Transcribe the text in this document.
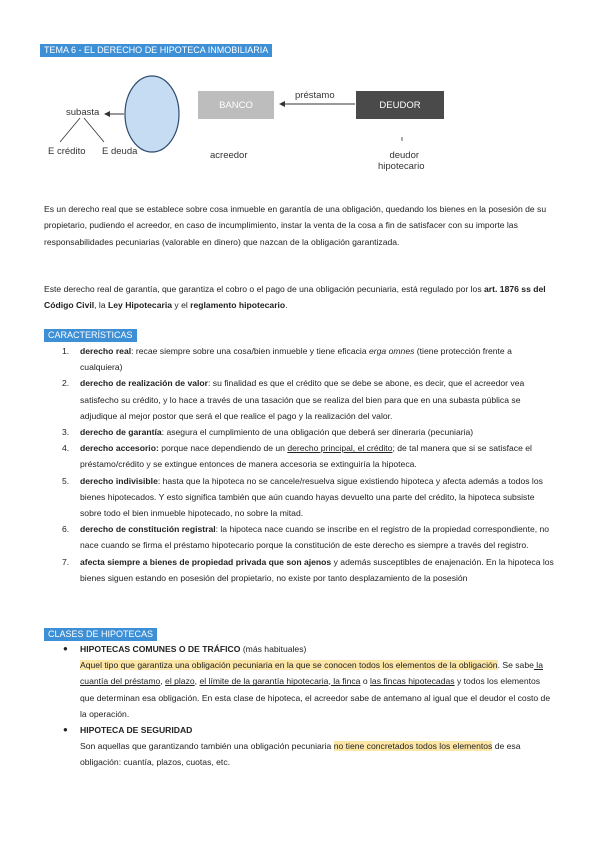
TEMA 6 - EL DERECHO DE HIPOTECA INMOBILIARIA
subasta
E crédito E deuda
BANCO
préstamo
DEUDOR
acreedor	deudor
hipotecario
Es un derecho real que se establece sobre cosa inmueble en garantía de una obligación, quedando los bienes en la posesión de su propietario, pudiendo el acreedor, en caso de incumplimiento, instar la venta de la cosa a fin de satisfacer con su importe las responsabilidades pecuniarias (valorable en dinero) que nazcan de la obligación garantizada.
Este derecho real de garantía, que garantiza el cobro o el pago de una obligación pecuniaria, está regulado por los art. 1876 ss del Código Civil, la Ley Hipotecaria y el reglamento hipotecario.
CARACTERÍSTICAS
1. derecho real: recae siempre sobre una cosa/bien inmueble y tiene eficacia erga omnes (tiene protección frente a cualquiera)
2. derecho de realización de valor: su finalidad es que el crédito que se debe se abone, es decir, que el acreedor vea satisfecho su crédito, y lo hace a través de una tasación que se realiza del bien para que en una subasta pública se adjudique al mejor postor que será el que realice el pago y la realización del valor.
3. derecho de garantía: asegura el cumplimiento de una obligación que deberá ser dineraria (pecuniaria)
4. derecho accesorio: porque nace dependiendo de un derecho principal, el crédito; de tal manera que si se satisface el préstamo/crédito y se extingue entonces de manera accesoria se extinguiría la hipoteca.
5. derecho indivisible: hasta que la hipoteca no se cancele/resuelva sigue existiendo hipoteca y afecta además a todos los bienes hipotecados. Y esto significa también que aún cuando hayas devuelto una parte del crédito, la hipoteca subsiste sobre todo el bien inmueble hipotecado, no sobre la mitad.
6. derecho de constitución registral: la hipoteca nace cuando se inscribe en el registro de la propiedad correspondiente, no nace cuando se firma el préstamo hipotecario porque la constitución de este derecho es siempre a través del registro.
7. afecta siempre a bienes de propiedad privada que son ajenos y además susceptibles de enajenación. En la hipoteca los bienes siguen estando en posesión del propietario, no existe por tanto desplazamiento de la posesión
CLASES DE HIPOTECAS
● HIPOTECAS COMUNES O DE TRÁFICO (más habituales)
Aquel tipo que garantiza una obligación pecuniaria en la que se conocen todos los elementos de la obligación. Se sabe la cuantía del préstamo, el plazo, el límite de la garantía hipotecaria, la finca o las fincas hipotecadas y todos los elementos que determinan esa obligación. En esta clase de hipoteca, el acreedor sabe de antemano al igual que el deudor el costo de la operación.
● HIPOTECA DE SEGURIDAD
Son aquellas que garantizando también una obligación pecuniaria no tiene concretados todos los elementos de esa obligación: cuantía, plazos, cuotas, etc.
